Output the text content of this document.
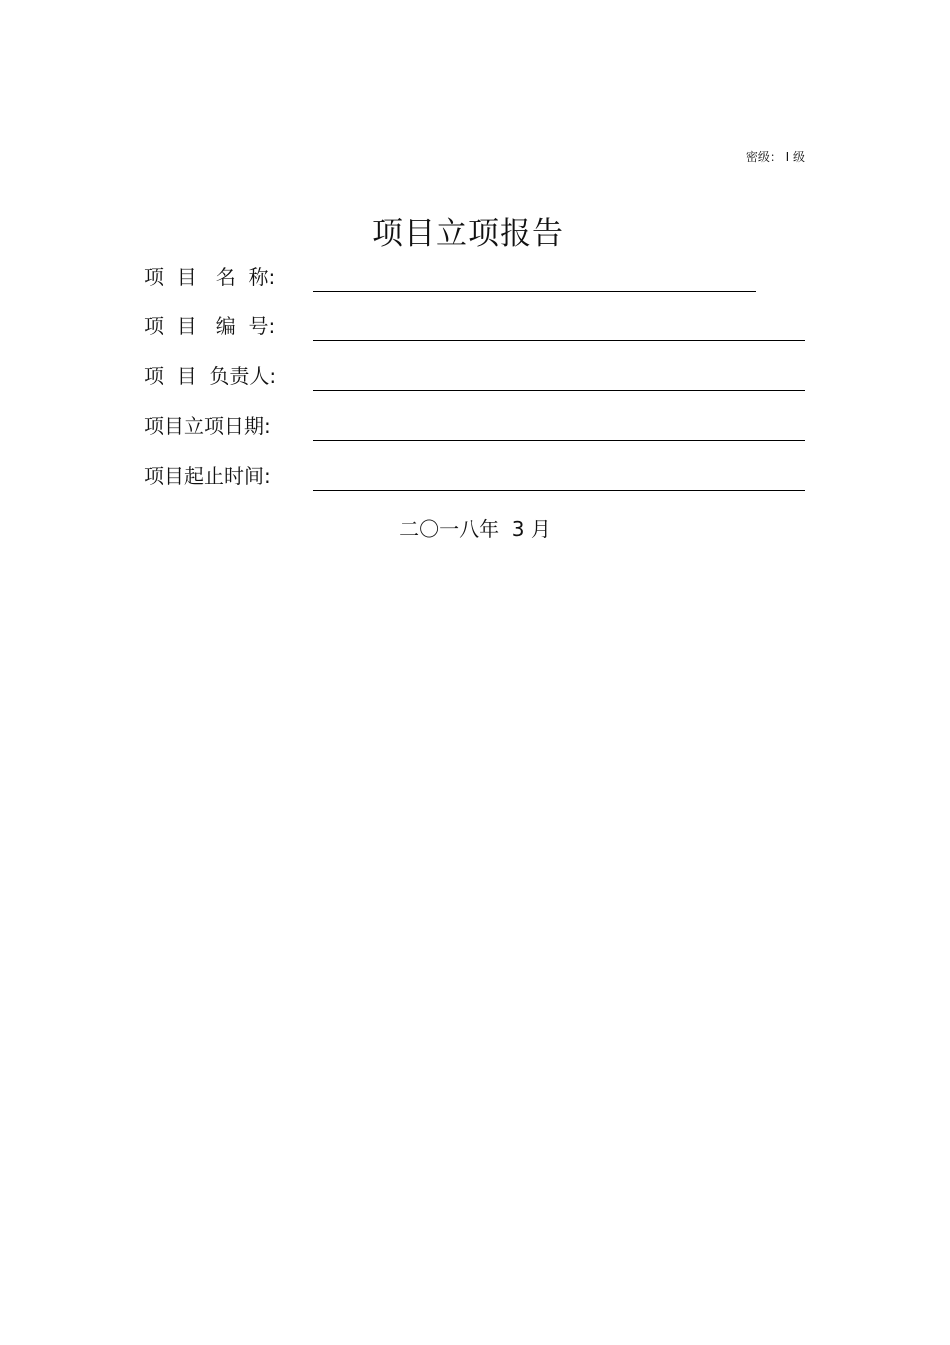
密级： Ⅰ 级
项目立项报告
项  目   名  称:
项  目   编  号:
项  目  负责人:
项目立项日期:
项目起止时间:
二〇一八年  3 月
